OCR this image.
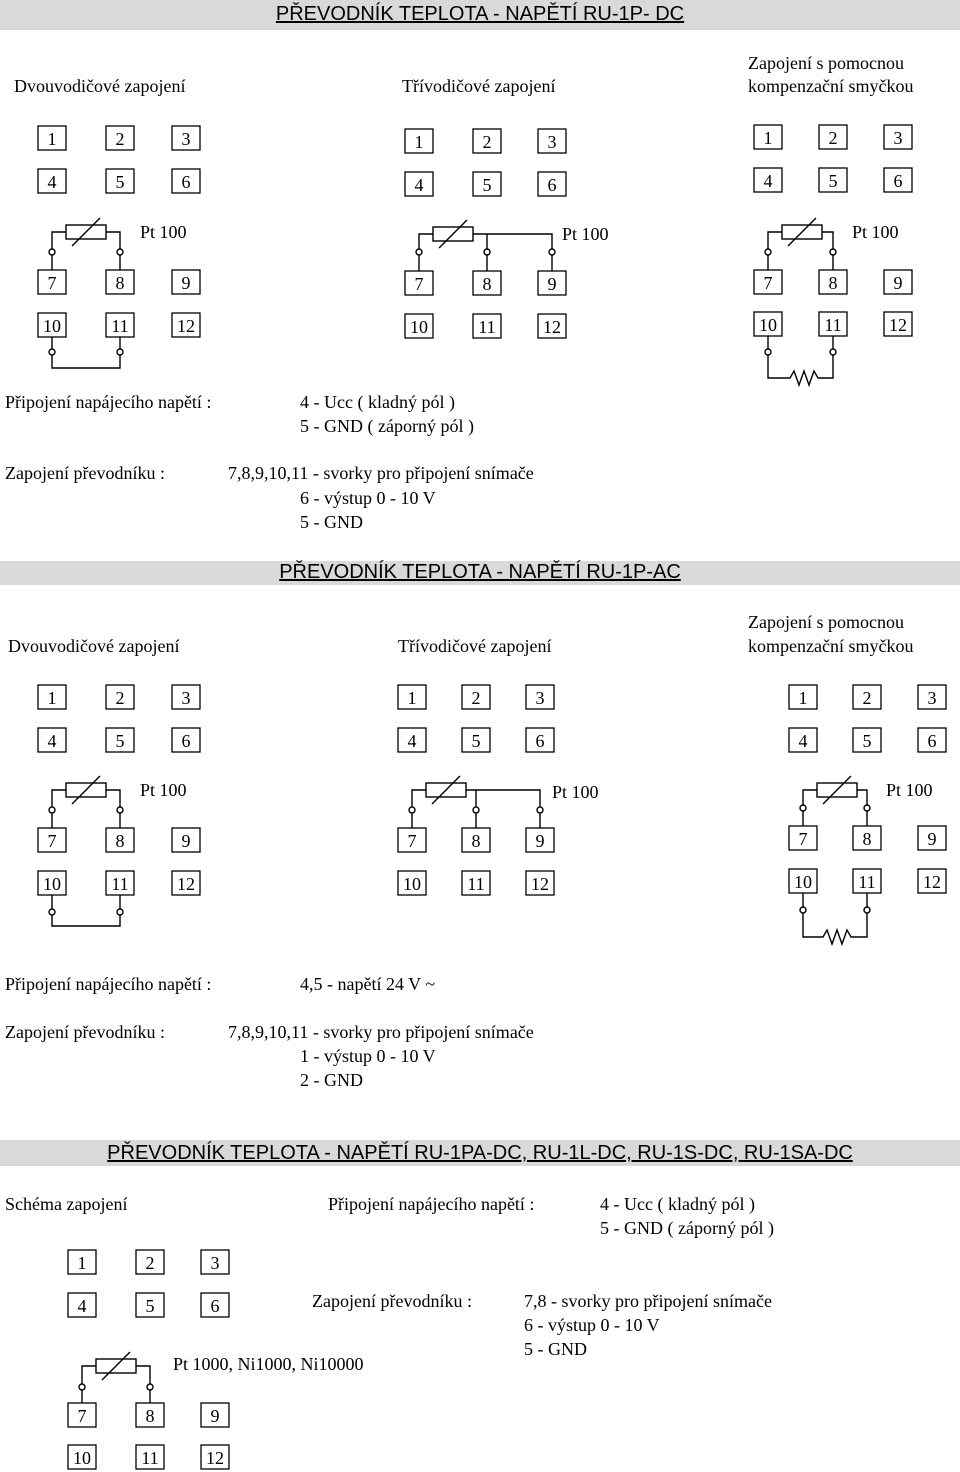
PŘEVODNÍK TEPLOTA - NAPĚTÍ RU-1P- DC
Dvouvodičové zapojení	Třívodičové zapojení
Zapojení s pomocnou
kompenzační smyčkou
1	2	3
4	5	6
7	8	9
10	11	12
Pt 100
1	2	3
4	5	6
7	8	9
10	11	12
Pt 100
1	2	3
4	5	6
7	8	9
10	11	12
Pt 100
Připojení napájecího napětí :	4 - Ucc ( kladný pól )
5 - GND ( záporný pól )
Zapojení převodníku :	7,8,9,10,11 - svorky pro připojení snímače
6 - výstup 0 - 10 V
5 - GND
PŘEVODNÍK TEPLOTA - NAPĚTÍ RU-1P-AC
Dvouvodičové zapojení	Třívodičové zapojení
Zapojení s pomocnou
kompenzační smyčkou
1	2	3
4	5	6
7	8	9
10	11	12
Pt 100
1	2	3
4	5	6
7	8	9
10	11	12
Pt 100
1	2	3
4	5	6
7	8	9
10	11	12
Pt 100
Připojení napájecího napětí :	4,5 - napětí 24 V ~
Zapojení převodníku :	7,8,9,10,11 - svorky pro připojení snímače
1 - výstup 0 - 10 V
2 - GND
PŘEVODNÍK TEPLOTA - NAPĚTÍ RU-1PA-DC, RU-1L-DC, RU-1S-DC, RU-1SA-DC
Schéma zapojení	Připojení napájecího napětí :	4 - Ucc ( kladný pól )
5 - GND ( záporný pól )
Zapojení převodníku :	7,8 - svorky pro připojení snímače
6 - výstup 0 - 10 V
5 - GND
1	2	3
4	5	6
7	8	9
10	11	12
Pt 1000, Ni1000, Ni10000
